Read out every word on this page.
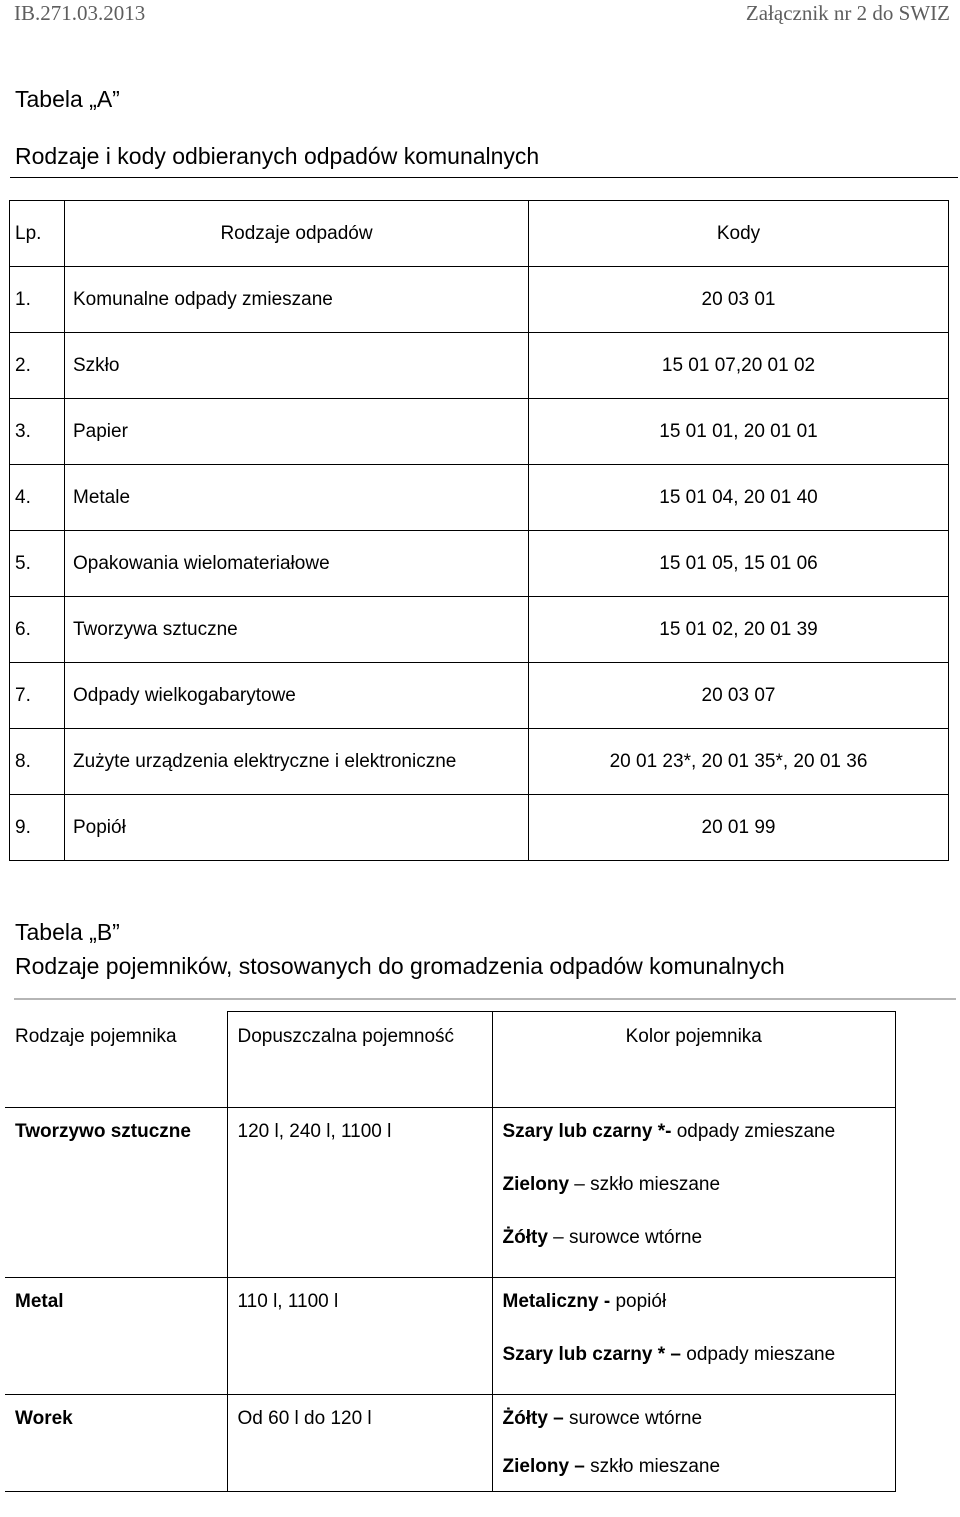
IB.271.03.2013	Załącznik nr 2 do SWIZ
Tabela „A”
Rodzaje i kody odbieranych odpadów komunalnych
Lp.	Rodzaje odpadów	Kody
1.	Komunalne odpady zmieszane	20 03 01
2.	Szkło	15 01 07,20 01 02
3.	Papier	15 01 01, 20 01 01
4.	Metale	15 01 04, 20 01 40
5.	Opakowania wielomateriałowe	15 01 05, 15 01 06
6.	Tworzywa sztuczne	15 01 02, 20 01 39
7.	Odpady wielkogabarytowe	20 03 07
8.	Zużyte urządzenia elektryczne i elektroniczne	20 01 23*, 20 01 35*, 20 01 36
9.	Popiół	20 01 99
Tabela „B”
Rodzaje pojemników, stosowanych do gromadzenia odpadów komunalnych
Rodzaje pojemnika	Dopuszczalna pojemność	Kolor pojemnika

Tworzywo sztuczne	120 l, 240 l, 1100 l	Szary lub czarny *- odpady zmieszane
Zielony – szkło mieszane
Żółty – surowce wtórne

Metal	110 l, 1100 l	Metaliczny - popiół
Szary lub czarny * – odpady mieszane

Worek	Od 60 l do 120 l	Żółty – surowce wtórne
Zielony – szkło mieszane
